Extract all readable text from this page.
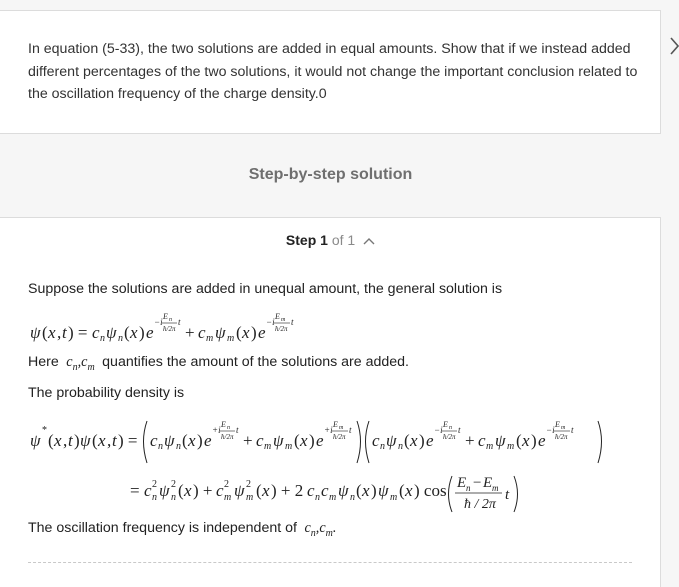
In equation (5-33), the two solutions are added in equal amounts. Show that if we instead added different percentages of the two solutions, it would not change the important conclusion related to the oscillation frequency of the charge density.0

Step-by-step solution
Step 1 of 1

Suppose the solutions are added in unequal amount, the general solution is

ψ ( x , t ) = c n ψ n ( x ) e
−i
E n
ħ/2π
t
+ c m ψ m ( x ) e
−i
E m
ħ/2π
t

Here  $c_n,c_m$ quantifies the amount of the solutions are added.

The probability density is

ψ
*
( x , t ) ψ ( x , t ) = c n ψ n ( x ) e
+i
E n
ħ/2π
t
+ c m ψ m ( x ) e
+i
E m
ħ/2π
t
c n ψ n ( x ) e
−i
E n
ħ/2π
t
+ c m ψ m ( x ) e
−i
E m
ħ/2π
t
= c 2
n ψ 2
n ( x ) + c 2
m ψ 2
m ( x ) + 2 c n c m ψ n ( x ) ψ m ( x ) cos E n − E m
ħ / 2π
t

The oscillation frequency is independent of  $c_n,c_m$.
